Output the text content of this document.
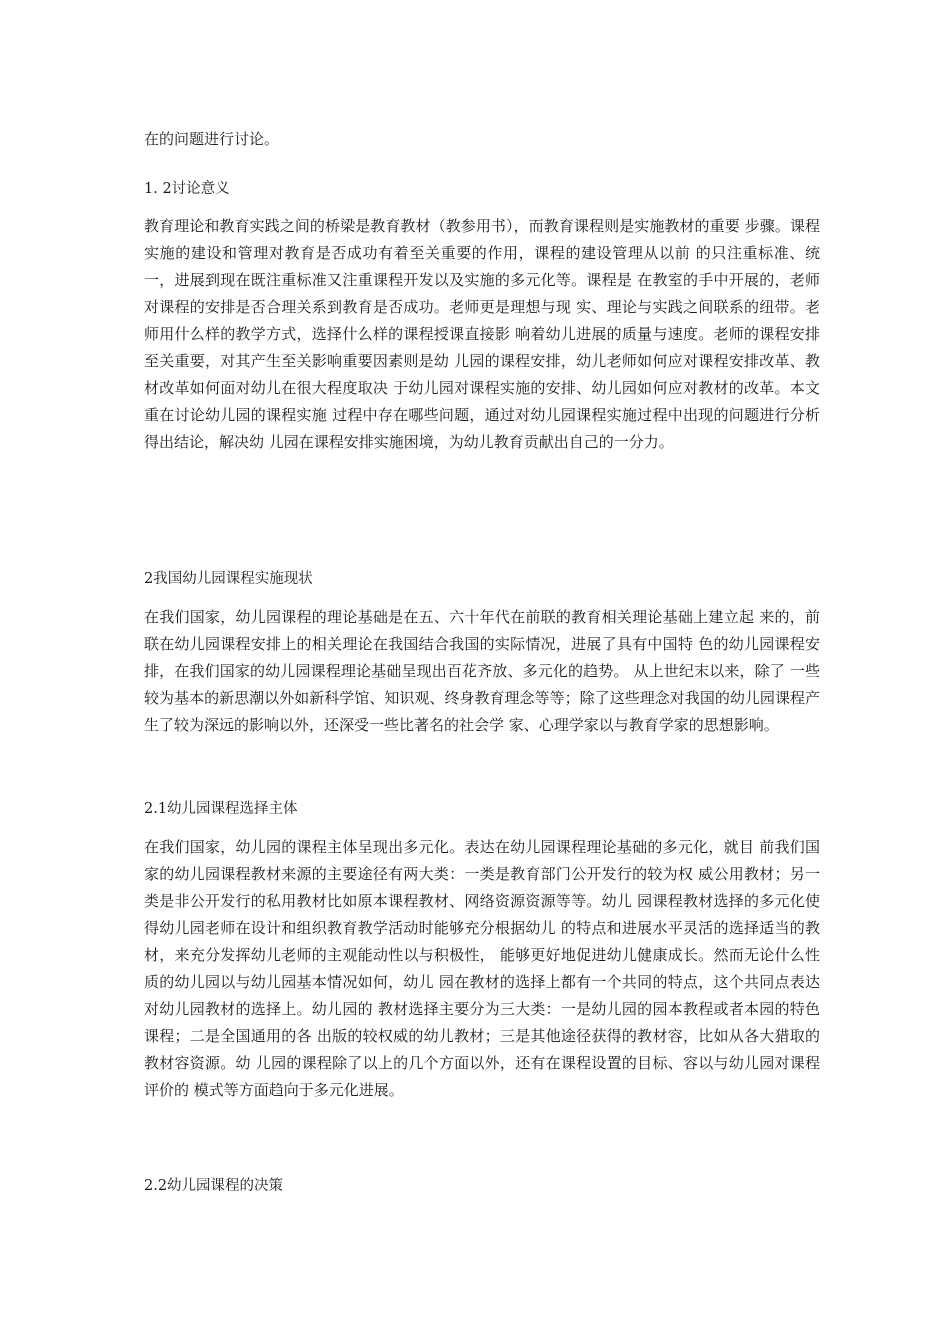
在的问题进行讨论。

1. 2讨论意义

教育理论和教育实践之间的桥梁是教育教材（教参用书），而教育课程则是实施教材的重要 步骤。课程实施的建设和管理对教育是否成功有着至关重要的作用，课程的建设管理从以前 的只注重标准、统一，进展到现在既注重标准又注重课程开发以及实施的多元化等。课程是 在教室的手中开展的，老师对课程的安排是否合理关系到教育是否成功。老师更是理想与现 实、理论与实践之间联系的纽带。老师用什么样的教学方式，选择什么样的课程授课直接影 响着幼儿进展的质量与速度。老师的课程安排至关重要，对其产生至关影响重要因素则是幼 儿园的课程安排，幼儿老师如何应对课程安排改革、教材改革如何面对幼儿在很大程度取决 于幼儿园对课程实施的安排、幼儿园如何应对教材的改革。本文重在讨论幼儿园的课程实施 过程中存在哪些问题，通过对幼儿园课程实施过程中出现的问题进行分析得出结论，解决幼 儿园在课程安排实施困境，为幼儿教育贡献出自己的一分力。

2我国幼儿园课程实施现状

在我们国家，幼儿园课程的理论基础是在五、六十年代在前联的教育相关理论基础上建立起 来的，前联在幼儿园课程安排上的相关理论在我国结合我国的实际情况，进展了具有中国特 色的幼儿园课程安排，在我们国家的幼儿园课程理论基础呈现出百花齐放、多元化的趋势。 从上世纪末以来，除了 一些较为基本的新思潮以外如新科学馆、知识观、终身教育理念等等；除了这些理念对我国的幼儿园课程产生了较为深远的影响以外，还深受一些比著名的社会学 家、心理学家以与教育学家的思想影响。

2.1幼儿园课程选择主体

在我们国家，幼儿园的课程主体呈现出多元化。表达在幼儿园课程理论基础的多元化，就目 前我们国家的幼儿园课程教材来源的主要途径有两大类：一类是教育部门公开发行的较为权 威公用教材；另一类是非公开发行的私用教材比如原本课程教材、网络资源资源等等。幼儿 园课程教材选择的多元化使得幼儿园老师在设计和组织教育教学活动时能够充分根据幼儿 的特点和进展水平灵活的选择适当的教材，来充分发挥幼儿老师的主观能动性以与积极性， 能够更好地促进幼儿健康成长。然而无论什么性质的幼儿园以与幼儿园基本情况如何，幼儿 园在教材的选择上都有一个共同的特点，这个共同点表达对幼儿园教材的选择上。幼儿园的 教材选择主要分为三大类：一是幼儿园的园本教程或者本园的特色课程；二是全国通用的各 出版的较权威的幼儿教材；三是其他途径获得的教材容，比如从各大猎取的教材容资源。幼 儿园的课程除了以上的几个方面以外，还有在课程设置的目标、容以与幼儿园对课程评价的 模式等方面趋向于多元化进展。

2.2幼儿园课程的决策
